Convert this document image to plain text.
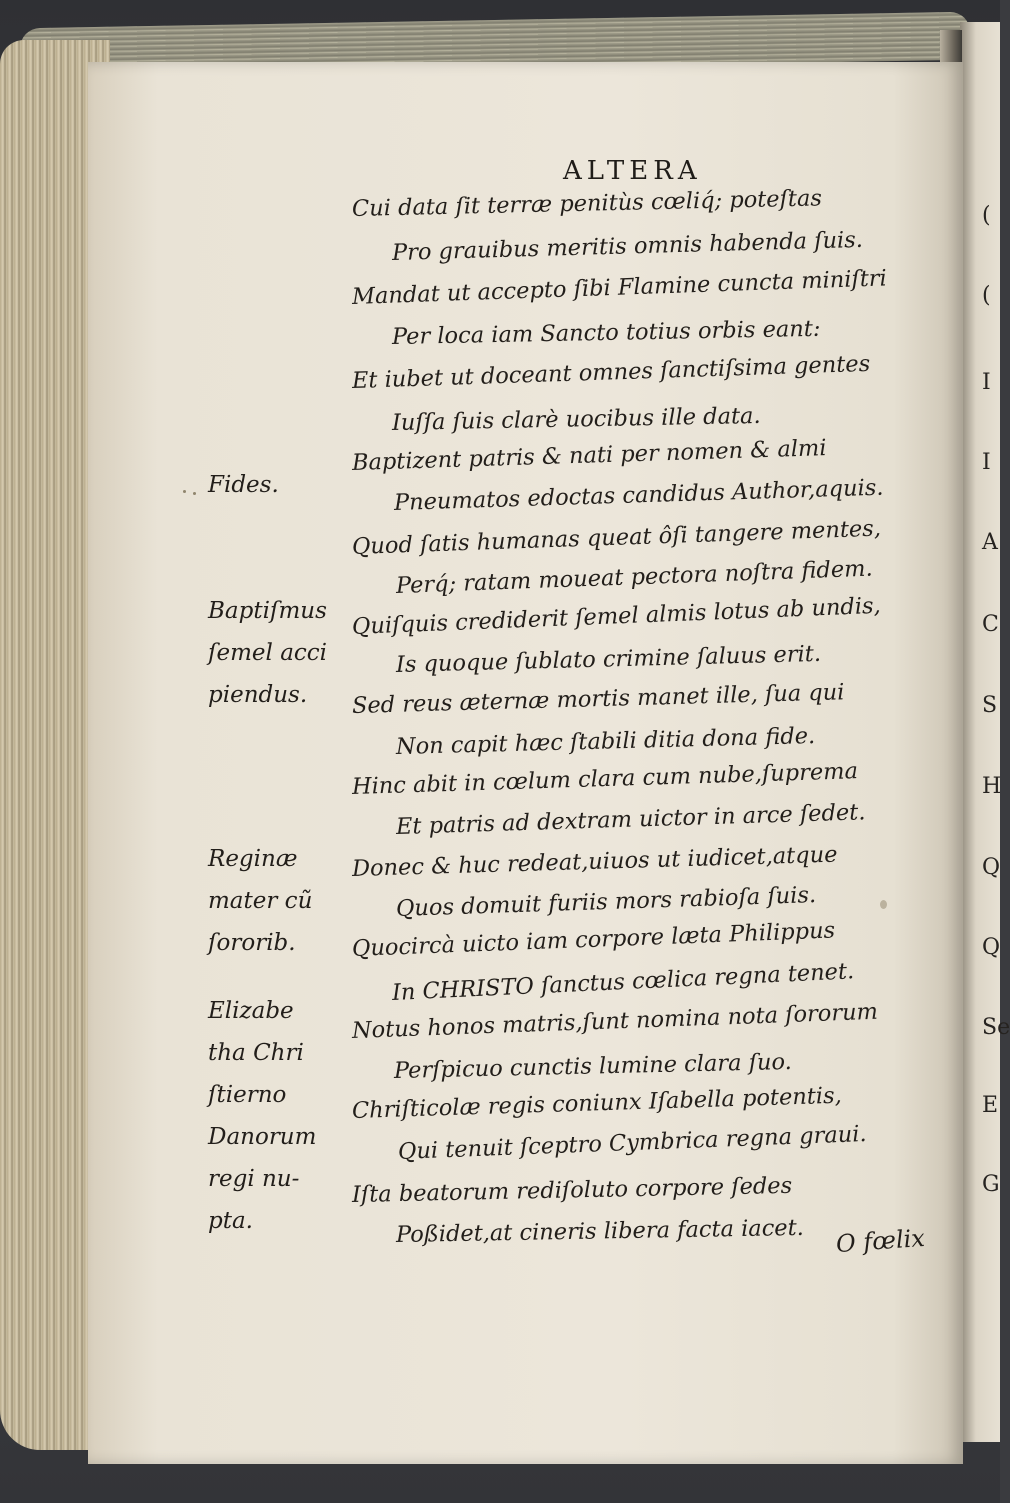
(
(
I
I
A
C
S
H
Q
Q
Se
E
G
ALTERA
Cui data ſit terræ penitùs cœliq́; poteſtas
Pro grauibus meritis omnis habenda ſuis.
Mandat ut accepto ſibi Flamine cuncta miniſtri
Per loca iam Sancto totius orbis eant:
Et iubet ut doceant omnes ſanctiſsima gentes
Iuſſa ſuis clarè uocibus ille data.
Baptizent patris & nati per nomen & almi
Pneumatos edoctas candidus Author,aquis.
Quod ſatis humanas queat ôſi tangere mentes,
Perq́; ratam moueat pectora noſtra fidem.
Quiſquis crediderit ſemel almis lotus ab undis,
Is quoque ſublato crimine ſaluus erit.
Sed reus æternæ mortis manet ille, ſua qui
Non capit hæc ſtabili ditia dona fide.
Hinc abit in cœlum clara cum nube,ſuprema
Et patris ad dextram uictor in arce ſedet.
Donec & huc redeat,uiuos ut iudicet,atque
Quos domuit furiis mors rabioſa ſuis.
Quocircà uicto iam corpore læta Philippus
In CHRISTO ſanctus cœlica regna tenet.
Notus honos matris,ſunt nomina nota ſororum
Perſpicuo cunctis lumine clara ſuo.
Chriſticolæ regis coniunx Iſabella potentis,
Qui tenuit ſceptro Cymbrica regna graui.
Iſta beatorum rediſoluto corpore ſedes
Poßidet,at cineris libera facta iacet.
Fides.
Baptiſmus
ſemel acci
piendus.
Reginæ
mater cũ
ſororib.
Elizabe
tha Chri
ſtierno
Danorum
regi nu-
pta.
O fœlix
